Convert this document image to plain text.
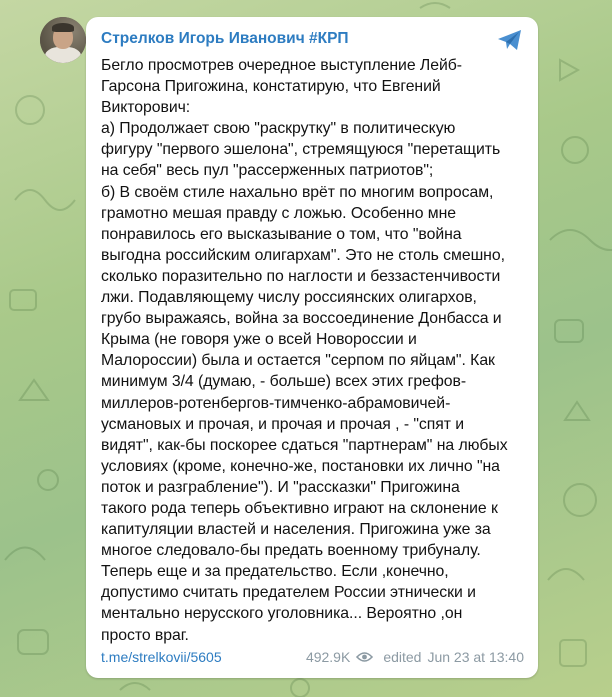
Стрелков Игорь Иванович #КРП
Бегло просмотрев очередное выступление Лейб-
Гарсона Пригожина, констатирую, что Евгений
Викторович:
а) Продолжает свою "раскрутку" в политическую
фигуру "первого эшелона", стремящуюся "перетащить
на себя" весь пул "рассерженных патриотов";
б) В своём стиле нахально врёт по многим вопросам,
грамотно мешая правду с ложью. Особенно мне
понравилось его высказывание о том, что "война
выгодна российским олигархам". Это не столь смешно,
сколько поразительно по наглости и беззастенчивости
лжи. Подавляющему числу россиянских олигархов,
грубо выражаясь, война за воссоединение Донбасса и
Крыма (не говоря уже о всей Новороссии и
Малороссии) была и остается "серпом по яйцам". Как
минимум 3/4 (думаю, - больше) всех этих грефов-
миллеров-ротенбергов-тимченко-абрамовичей-
усмановых и прочая, и прочая и прочая , - "спят и
видят", как-бы поскорее сдаться "партнерам" на любых
условиях (кроме, конечно-же, постановки их лично "на
поток и разграбление"). И "рассказки" Пригожина
такого рода теперь объективно играют на склонение к
капитуляции властей и населения. Пригожина уже за
многое следовало-бы предать военному трибуналу.
Теперь еще и за предательство. Если ,конечно,
допустимо считать предателем России этнически и
ментально нерусского уголовника... Вероятно ,он
просто враг.
t.me/strelkovii/5605	492.9K edited Jun 23 at 13:40
